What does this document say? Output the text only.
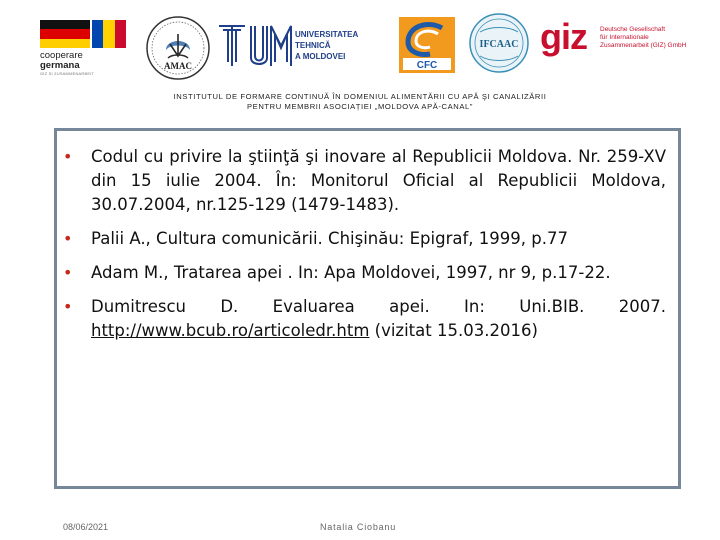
cooperare
germana
GIZ ȘI ZUSAMMENARBEIT
AMAC
UNIVERSITATEA TEHNICĂ
A MOLDOVEI
CFC
IFCAAC giz Deutsche Gesellschaft
für Internationale
Zusammenarbeit (GIZ) GmbH
INSTITUTUL DE FORMARE CONTINUĂ ÎN DOMENIUL ALIMENTĂRII CU APĂ ŞI CANALIZĂRII
PENTRU MEMBRII ASOCIAȚIEI „MOLDOVA APĂ-CANAL”
• Codul cu privire la ştiinţă şi inovare al Republicii Moldova. Nr. 259-XV din 15 iulie 2004. În: Monitorul Oficial al Republicii Moldova, 30.07.2004, nr.125-129 (1479-1483).
• Palii A., Cultura comunicării. Chişinău: Epigraf, 1999, p.77
• Adam M., Tratarea apei . In: Apa Moldovei, 1997, nr 9, p.17-22.
• Dumitrescu D. Evaluarea apei. In: Uni.BIB. 2007. http://www.bcub.ro/articoledr.htm (vizitat 15.03.2016)
08/06/2021	Natalia Ciobanu
